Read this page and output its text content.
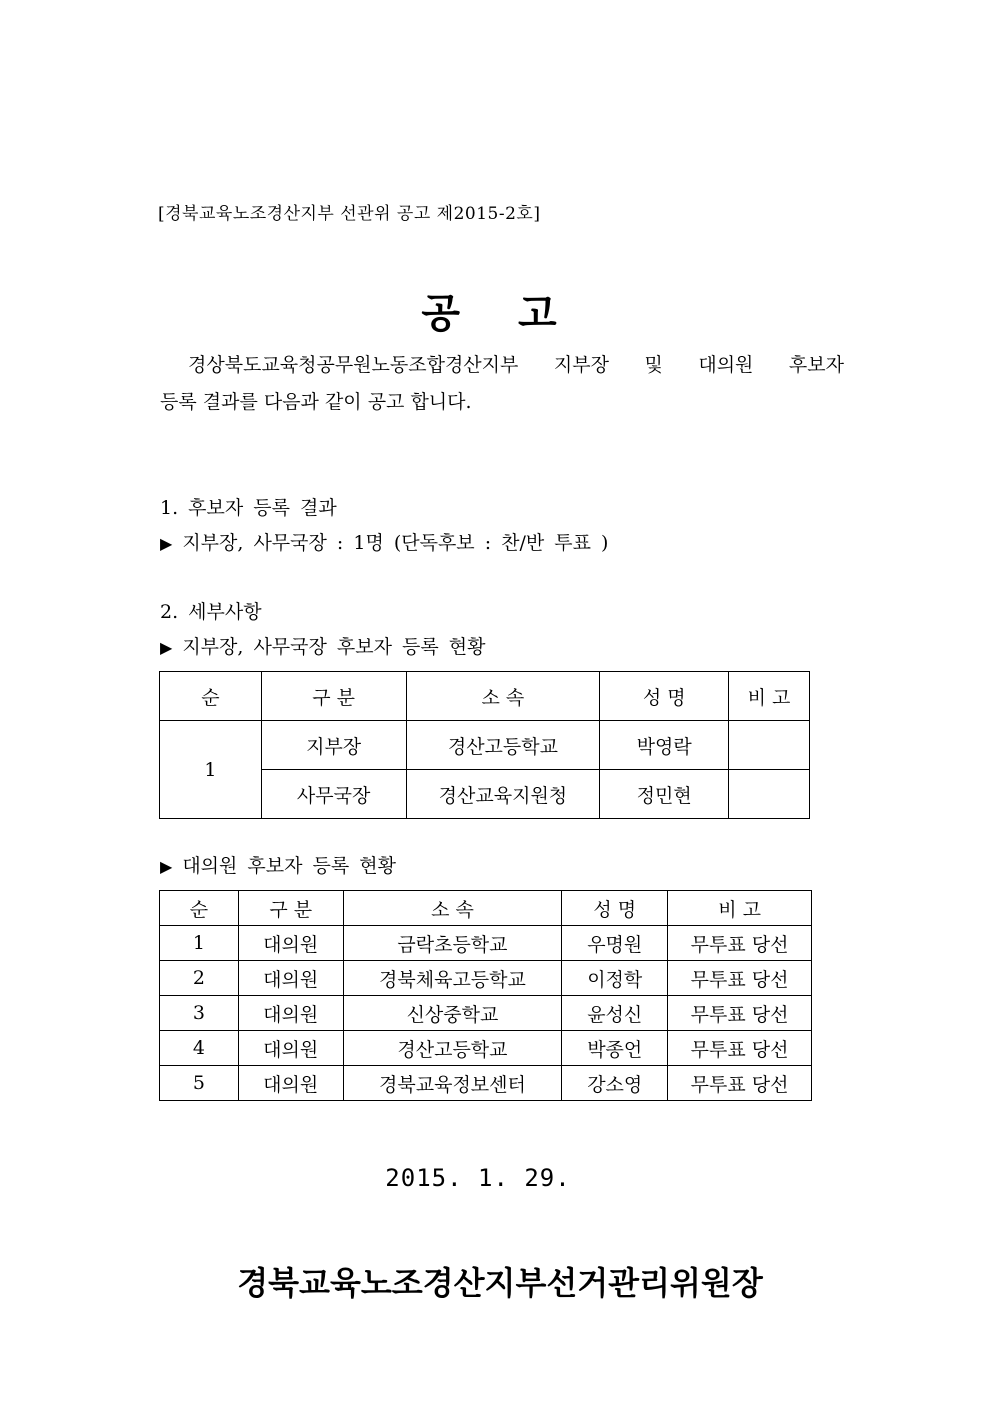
[경북교육노조경산지부 선관위 공고 제2015-2호]
공 고
경상북도교육청공무원노동조합경산지부 지부장 및 대의원 후보자
등록 결과를 다음과 같이 공고 합니다.
1. 후보자 등록 결과
▶ 지부장, 사무국장 : 1명 (단독후보 : 찬/반 투표 )
2. 세부사항
▶ 지부장, 사무국장 후보자 등록 현황
순	구 분	소 속	성 명	비 고
1	지부장	경산고등학교	박영락	
	사무국장	경산교육지원청	정민현	
▶ 대의원 후보자 등록 현황
순	구 분	소 속	성 명	비 고
1	대의원	금락초등학교	우명원	무투표 당선
2	대의원	경북체육고등학교	이정학	무투표 당선
3	대의원	신상중학교	윤성신	무투표 당선
4	대의원	경산고등학교	박종언	무투표 당선
5	대의원	경북교육정보센터	강소영	무투표 당선
2015. 1. 29.
경북교육노조경산지부선거관리위원장
